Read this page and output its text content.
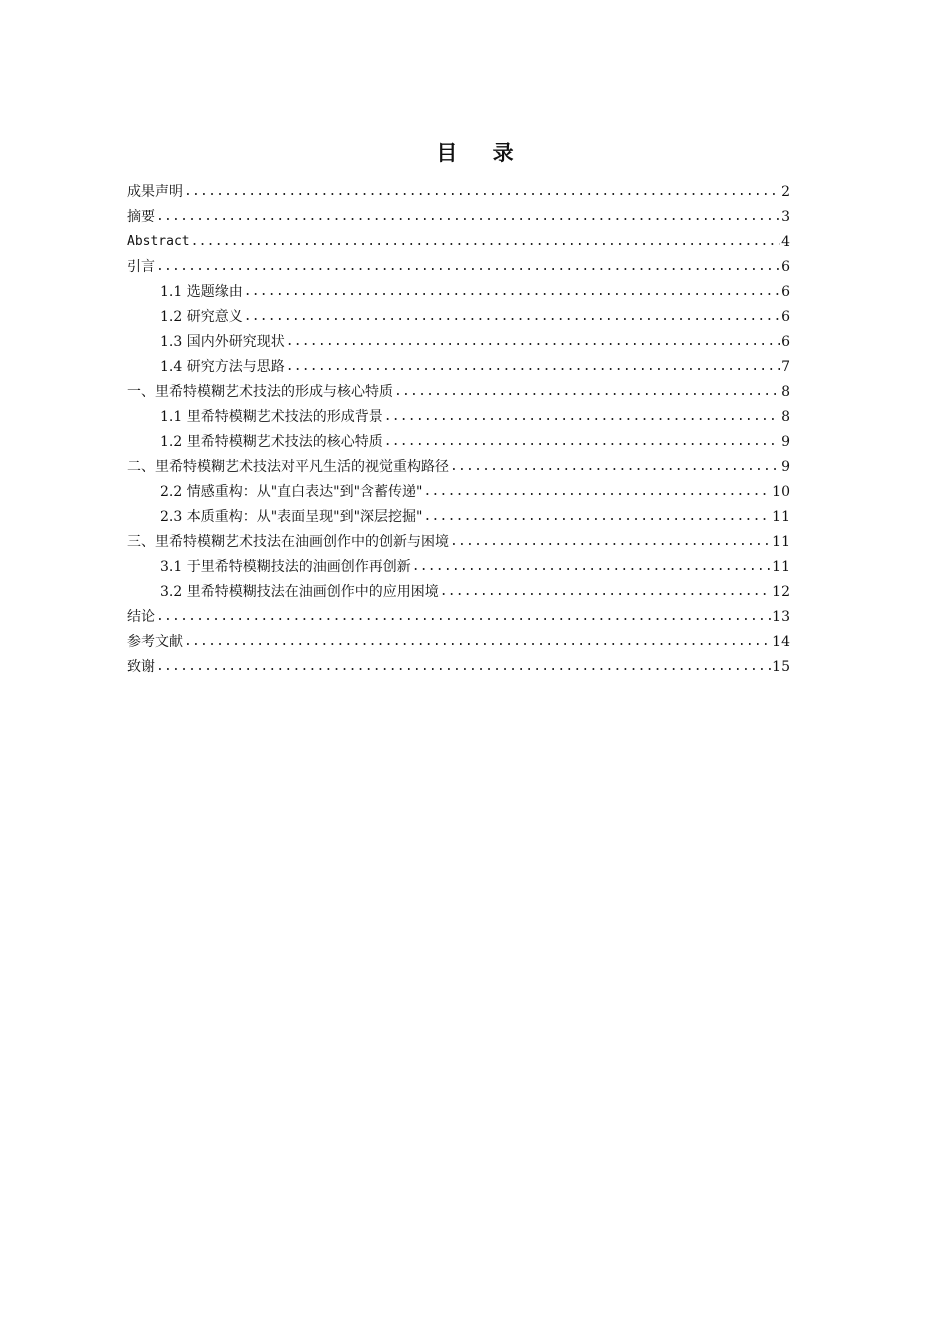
目 录
成果声明 .....	2
摘要 .....	3
Abstract .....	4
引言 .....	6
1.1 选题缘由 .....	6
1.2 研究意义 .....	6
1.3 国内外研究现状 .....	6
1.4 研究方法与思路 .....	7
一、里希特模糊艺术技法的形成与核心特质 .....	8
1.1 里希特模糊艺术技法的形成背景 .....	8
1.2 里希特模糊艺术技法的核心特质 .....	9
二、里希特模糊艺术技法对平凡生活的视觉重构路径 .....	9
2.2 情感重构：从"直白表达"到"含蓄传递" .....	10
2.3 本质重构：从"表面呈现"到"深层挖掘" .....	11
三、里希特模糊艺术技法在油画创作中的创新与困境 .....	11
3.1 于里希特模糊技法的油画创作再创新 .....	11
3.2 里希特模糊技法在油画创作中的应用困境 .....	12
结论 .....	13
参考文献 .....	14
致谢 .....	15
